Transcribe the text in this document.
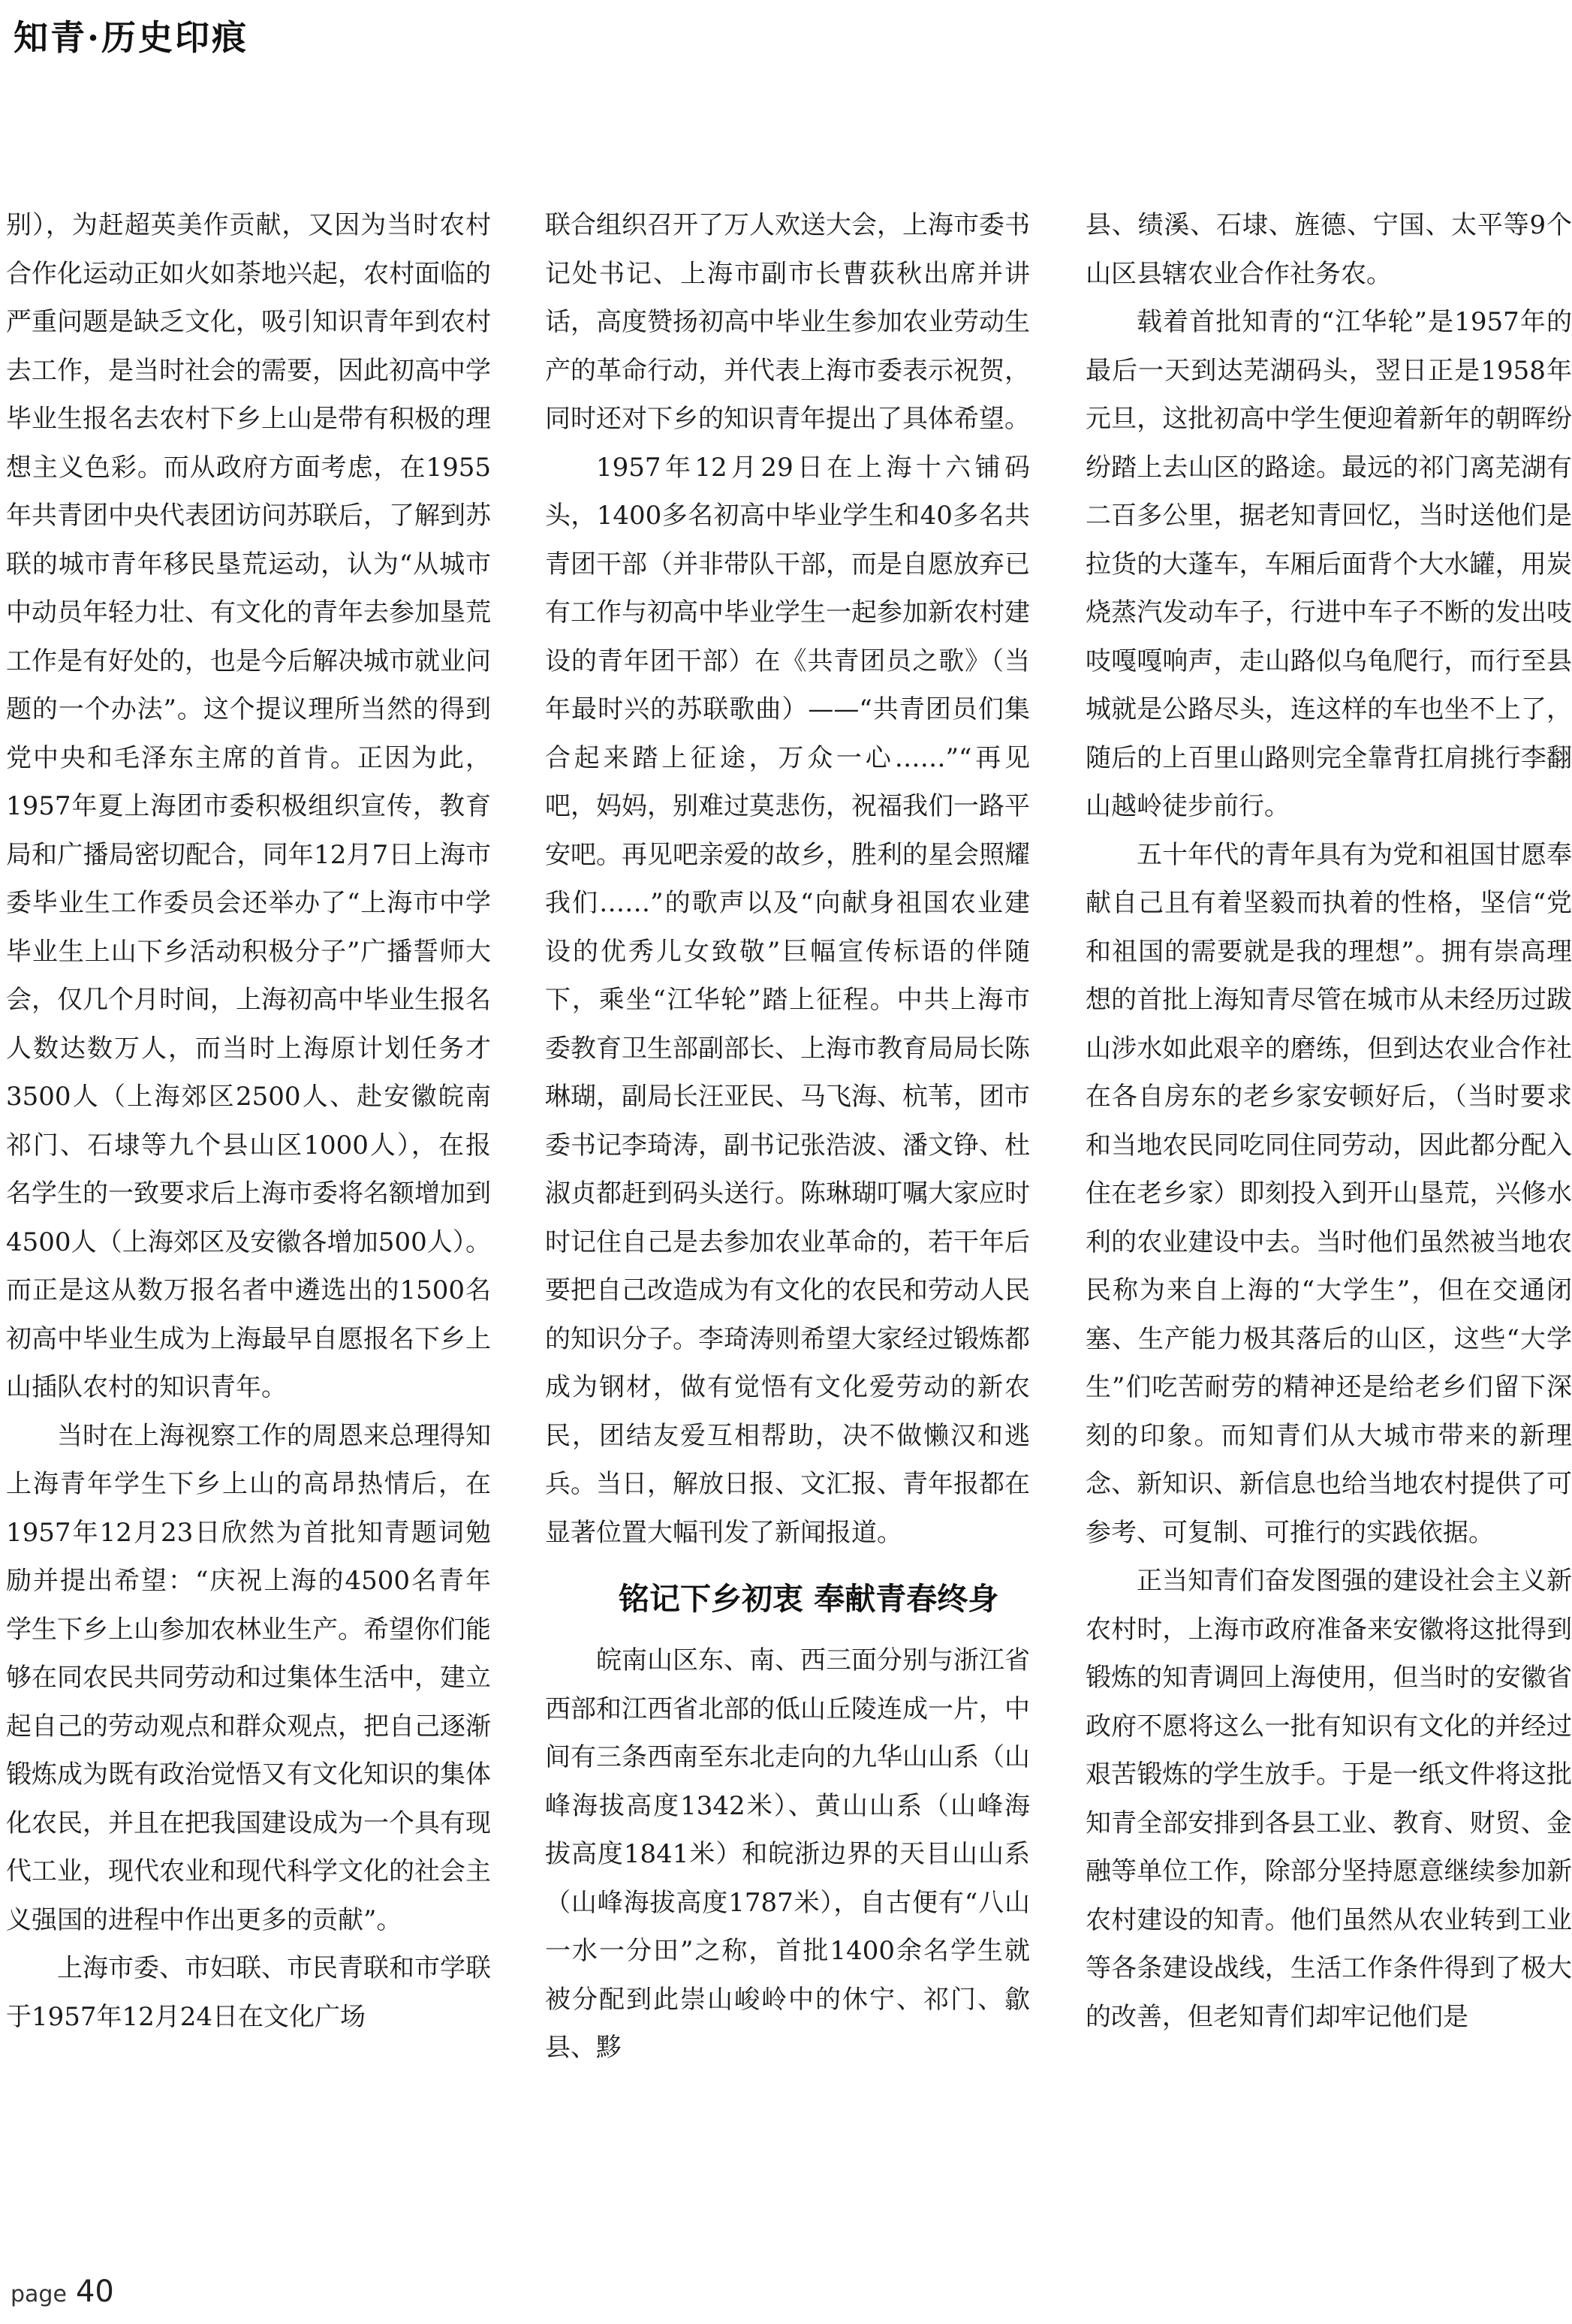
知青·历史印痕

别），为赶超英美作贡献，又因为当时农村合作化运动正如火如荼地兴起，农村面临的严重问题是缺乏文化，吸引知识青年到农村去工作，是当时社会的需要，因此初高中学毕业生报名去农村下乡上山是带有积极的理想主义色彩。而从政府方面考虑，在1955年共青团中央代表团访问苏联后，了解到苏联的城市青年移民垦荒运动，认为“从城市中动员年轻力壮、有文化的青年去参加垦荒工作是有好处的，也是今后解决城市就业问题的一个办法”。这个提议理所当然的得到党中央和毛泽东主席的首肯。正因为此，1957年夏上海团市委积极组织宣传，教育局和广播局密切配合，同年12月7日上海市委毕业生工作委员会还举办了“上海市中学毕业生上山下乡活动积极分子”广播誓师大会，仅几个月时间，上海初高中毕业生报名人数达数万人，而当时上海原计划任务才3500人（上海郊区2500人、赴安徽皖南祁门、石埭等九个县山区1000人），在报名学生的一致要求后上海市委将名额增加到4500人（上海郊区及安徽各增加500人）。而正是这从数万报名者中遴选出的1500名初高中毕业生成为上海最早自愿报名下乡上山插队农村的知识青年。

当时在上海视察工作的周恩来总理得知上海青年学生下乡上山的高昂热情后，在1957年12月23日欣然为首批知青题词勉励并提出希望：“庆祝上海的4500名青年学生下乡上山参加农林业生产。希望你们能够在同农民共同劳动和过集体生活中，建立起自己的劳动观点和群众观点，把自己逐渐锻炼成为既有政治觉悟又有文化知识的集体化农民，并且在把我国建设成为一个具有现代工业，现代农业和现代科学文化的社会主义强国的进程中作出更多的贡献”。

上海市委、市妇联、市民青联和市学联于1957年12月24日在文化广场

联合组织召开了万人欢送大会，上海市委书记处书记、上海市副市长曹荻秋出席并讲话，高度赞扬初高中毕业生参加农业劳动生产的革命行动，并代表上海市委表示祝贺，同时还对下乡的知识青年提出了具体希望。

1957年12月29日在上海十六铺码头，1400多名初高中毕业学生和40多名共青团干部（并非带队干部，而是自愿放弃已有工作与初高中毕业学生一起参加新农村建设的青年团干部）在《共青团员之歌》（当年最时兴的苏联歌曲）——“共青团员们集合起来踏上征途，万众一心……”“再见吧，妈妈，别难过莫悲伤，祝福我们一路平安吧。再见吧亲爱的故乡，胜利的星会照耀我们……”的歌声以及“向献身祖国农业建设的优秀儿女致敬”巨幅宣传标语的伴随下，乘坐“江华轮”踏上征程。中共上海市委教育卫生部副部长、上海市教育局局长陈琳瑚，副局长汪亚民、马飞海、杭苇，团市委书记李琦涛，副书记张浩波、潘文铮、杜淑贞都赶到码头送行。陈琳瑚叮嘱大家应时时记住自己是去参加农业革命的，若干年后要把自己改造成为有文化的农民和劳动人民的知识分子。李琦涛则希望大家经过锻炼都成为钢材，做有觉悟有文化爱劳动的新农民，团结友爱互相帮助，决不做懒汉和逃兵。当日，解放日报、文汇报、青年报都在显著位置大幅刊发了新闻报道。

铭记下乡初衷 奉献青春终身

皖南山区东、南、西三面分别与浙江省西部和江西省北部的低山丘陵连成一片，中间有三条西南至东北走向的九华山山系（山峰海拔高度1342米）、黄山山系（山峰海拔高度1841米）和皖浙边界的天目山山系（山峰海拔高度1787米），自古便有“八山一水一分田”之称，首批1400余名学生就被分配到此崇山峻岭中的休宁、祁门、歙县、黟

县、绩溪、石埭、旌德、宁国、太平等9个山区县辖农业合作社务农。

载着首批知青的“江华轮”是1957年的最后一天到达芜湖码头，翌日正是1958年元旦，这批初高中学生便迎着新年的朝晖纷纷踏上去山区的路途。最远的祁门离芜湖有二百多公里，据老知青回忆，当时送他们是拉货的大蓬车，车厢后面背个大水罐，用炭烧蒸汽发动车子，行进中车子不断的发出吱吱嘎嘎响声，走山路似乌龟爬行，而行至县城就是公路尽头，连这样的车也坐不上了，随后的上百里山路则完全靠背扛肩挑行李翻山越岭徒步前行。

五十年代的青年具有为党和祖国甘愿奉献自己且有着坚毅而执着的性格，坚信“党和祖国的需要就是我的理想”。拥有崇高理想的首批上海知青尽管在城市从未经历过跋山涉水如此艰辛的磨练，但到达农业合作社在各自房东的老乡家安顿好后，（当时要求和当地农民同吃同住同劳动，因此都分配入住在老乡家）即刻投入到开山垦荒，兴修水利的农业建设中去。当时他们虽然被当地农民称为来自上海的“大学生”，但在交通闭塞、生产能力极其落后的山区，这些“大学生”们吃苦耐劳的精神还是给老乡们留下深刻的印象。而知青们从大城市带来的新理念、新知识、新信息也给当地农村提供了可参考、可复制、可推行的实践依据。

正当知青们奋发图强的建设社会主义新农村时，上海市政府准备来安徽将这批得到锻炼的知青调回上海使用，但当时的安徽省政府不愿将这么一批有知识有文化的并经过艰苦锻炼的学生放手。于是一纸文件将这批知青全部安排到各县工业、教育、财贸、金融等单位工作，除部分坚持愿意继续参加新农村建设的知青。他们虽然从农业转到工业等各条建设战线，生活工作条件得到了极大的改善，但老知青们却牢记他们是

page 40
